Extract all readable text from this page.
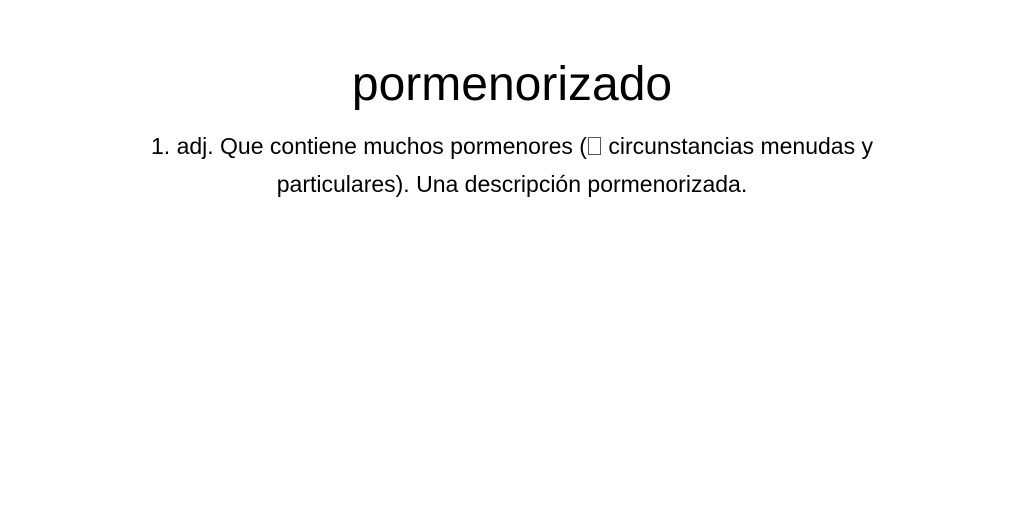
pormenorizado

1. adj. Que contiene muchos pormenores ( circunstancias menudas y particulares). Una descripción pormenorizada.
